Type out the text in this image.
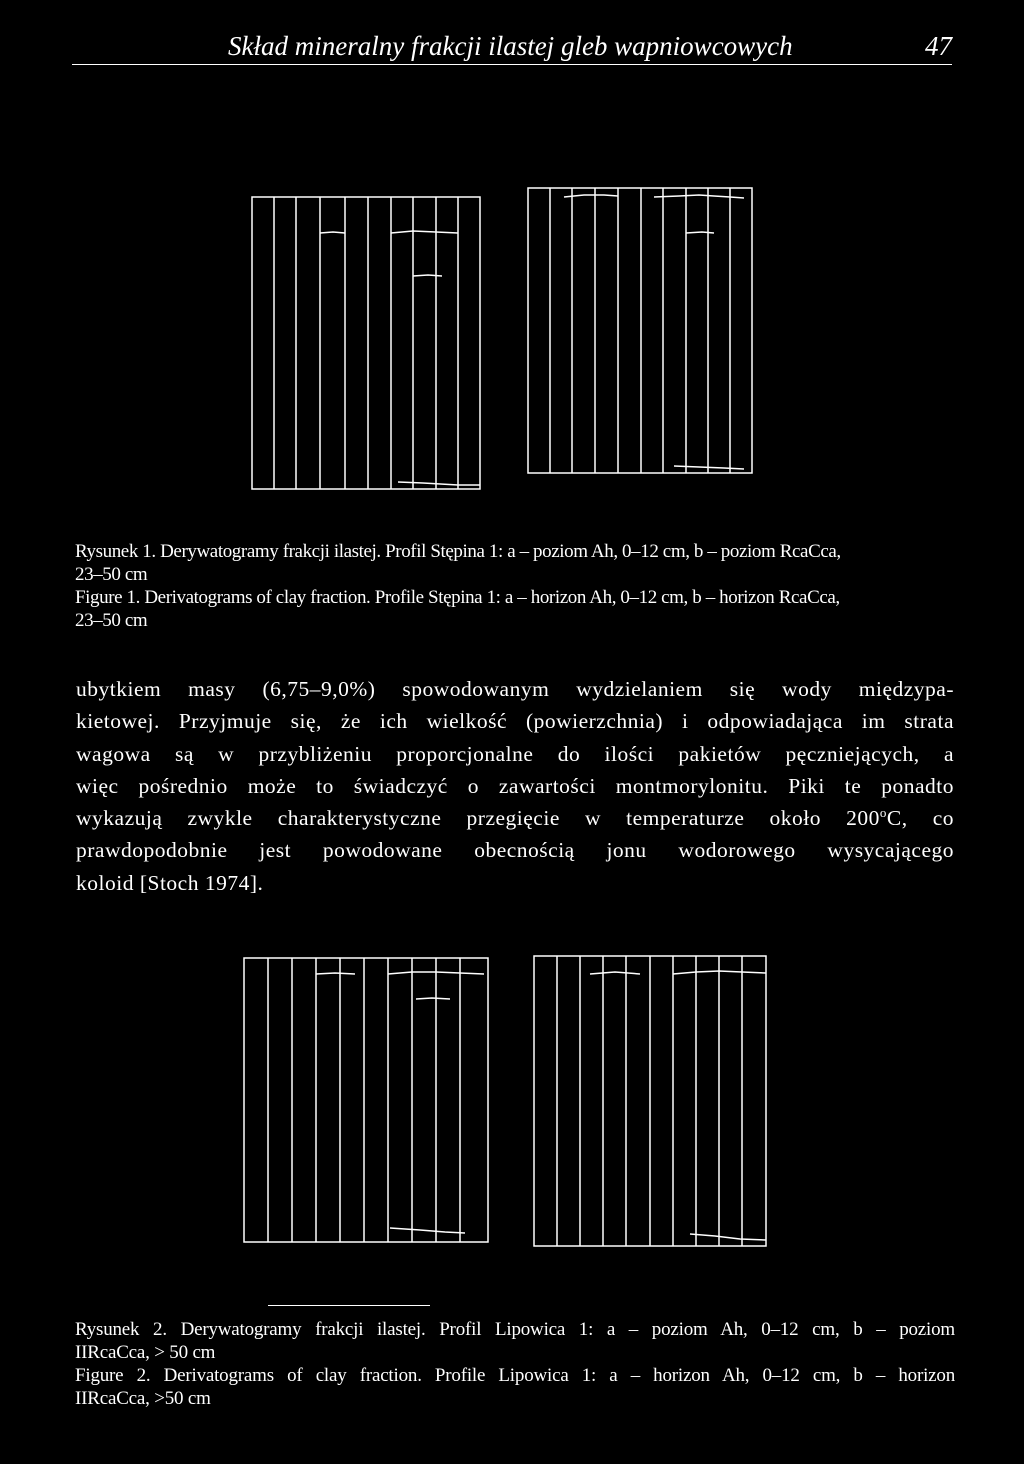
Skład mineralny frakcji ilastej gleb wapniowcowych	47
Rysunek 1. Derywatogramy frakcji ilastej. Profil Stępina 1: a – poziom Ah, 0–12 cm, b – poziom RcaCca,
23–50 cm
Figure 1. Derivatograms of clay fraction. Profile Stępina 1: a – horizon Ah, 0–12 cm, b – horizon RcaCca,
23–50 cm
ubytkiem masy (6,75–9,0%) spowodowanym wydzielaniem się wody międzypa-
kietowej. Przyjmuje się, że ich wielkość (powierzchnia) i odpowiadająca im strata
wagowa są w przybliżeniu proporcjonalne do ilości pakietów pęczniejących, a
więc pośrednio może to świadczyć o zawartości montmorylonitu. Piki te ponadto
wykazują zwykle charakterystyczne przegięcie w temperaturze około 200$^o$C, co
prawdopodobnie jest powodowane obecnością jonu wodorowego wysycającego
koloid [Stoch 1974].
Rysunek 2. Derywatogramy frakcji ilastej. Profil Lipowica 1: a – poziom Ah, 0–12 cm, b – poziom
IIRcaCca, > 50 cm
Figure 2. Derivatograms of clay fraction. Profile Lipowica 1: a – horizon Ah, 0–12 cm, b – horizon
IIRcaCca, >50 cm
